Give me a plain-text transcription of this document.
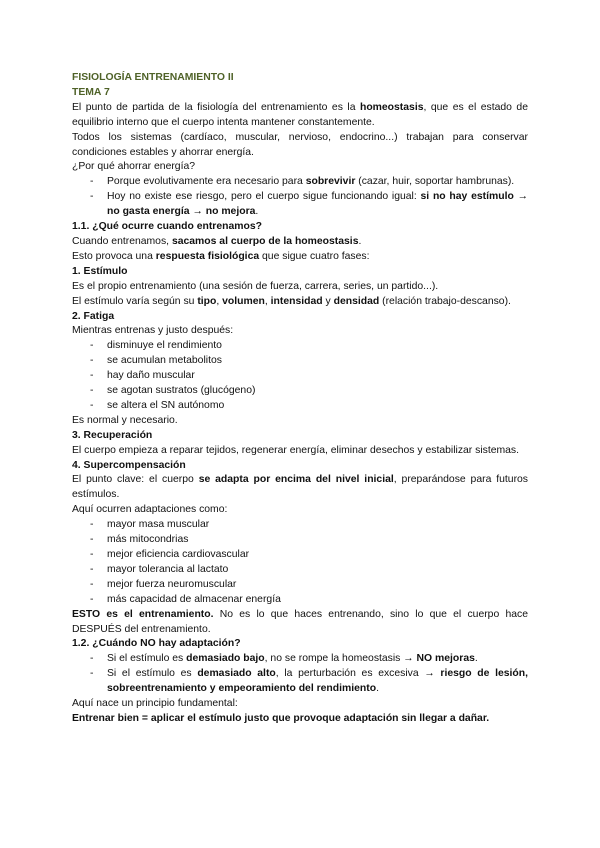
FISIOLOGÍA ENTRENAMIENTO II

TEMA 7

El punto de partida de la fisiología del entrenamiento es la homeostasis, que es el estado de equilibrio interno que el cuerpo intenta mantener constantemente.

Todos los sistemas (cardíaco, muscular, nervioso, endocrino...) trabajan para conservar condiciones estables y ahorrar energía.

¿Por qué ahorrar energía?

- Porque evolutivamente era necesario para sobrevivir (cazar, huir, soportar hambrunas).
- Hoy no existe ese riesgo, pero el cuerpo sigue funcionando igual: si no hay estímulo → no gasta energía → no mejora.

1.1. ¿Qué ocurre cuando entrenamos?

Cuando entrenamos, sacamos al cuerpo de la homeostasis.

Esto provoca una respuesta fisiológica que sigue cuatro fases:

1. Estímulo

Es el propio entrenamiento (una sesión de fuerza, carrera, series, un partido...).

El estímulo varía según su tipo, volumen, intensidad y densidad (relación trabajo-descanso).

2. Fatiga

Mientras entrenas y justo después:

- disminuye el rendimiento
- se acumulan metabolitos
- hay daño muscular
- se agotan sustratos (glucógeno)
- se altera el SN autónomo

Es normal y necesario.

3. Recuperación

El cuerpo empieza a reparar tejidos, regenerar energía, eliminar desechos y estabilizar sistemas.

4. Supercompensación

El punto clave: el cuerpo se adapta por encima del nivel inicial, preparándose para futuros estímulos.

Aquí ocurren adaptaciones como:

- mayor masa muscular
- más mitocondrias
- mejor eficiencia cardiovascular
- mayor tolerancia al lactato
- mejor fuerza neuromuscular
- más capacidad de almacenar energía

ESTO es el entrenamiento. No es lo que haces entrenando, sino lo que el cuerpo hace DESPUÉS del entrenamiento.

1.2. ¿Cuándo NO hay adaptación?

- Si el estímulo es demasiado bajo, no se rompe la homeostasis → NO mejoras.
- Si el estímulo es demasiado alto, la perturbación es excesiva → riesgo de lesión, sobreentrenamiento y empeoramiento del rendimiento.

Aquí nace un principio fundamental:

Entrenar bien = aplicar el estímulo justo que provoque adaptación sin llegar a dañar.
